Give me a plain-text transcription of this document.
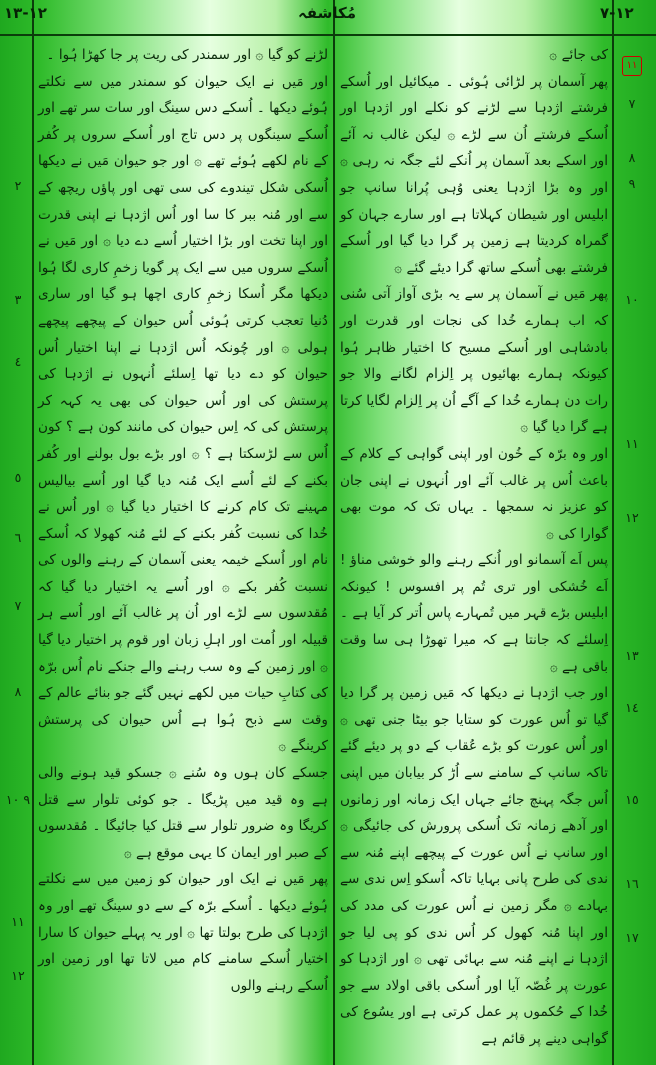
١٢-١٣	مُکاشفہ	١٢-٧
١١

کی جائے ۞

پھر آسمان پر لڑائی ہُوئی ۔ میکائیل اور اُسکے فرشتے اژدہا سے لڑنے کو نکلے اور اژدہا اور اُسکے فرشتے اُن سے لڑے ۞ لیکن غالب نہ آئے اور اسکے بعد آسمان پر اُنکے لئے جگہ نہ رہی ۞ اور وہ بڑا اژدہا یعنی وُہی پُرانا سانپ جو ابلیس اور شیطان کہلاتا ہے اور سارے جہان کو گمراہ کردیتا ہے زمین پر گرا دیا گیا اور اُسکے فرشتے بھی اُسکے ساتھ گرا دیئے گئے ۞

پھر مَیں نے آسمان پر سے یہ بڑی آواز آتی سُنی کہ اب ہمارے خُدا کی نجات اور قدرت اور بادشاہی اور اُسکے مسیح کا اختیار ظاہر ہُوا کیونکہ ہمارے بھائیوں پر اِلزام لگانے والا جو رات دن ہمارے خُدا کے آگے اُن پر اِلزام لگایا کرتا ہے گرا دیا گیا ۞

اور وہ برّہ کے خُون اور اپنی گواہی کے کلام کے باعث اُس پر غالب آئے اور اُنہوں نے اپنی جان کو عزیز نہ سمجھا ۔ یہاں تک کہ موت بھی گوارا کی ۞

پس اَے آسمانو اور اُنکے رہنے والو خوشی مناؤ ! اَے خُشکی اور تری تُم پر افسوس ! کیونکہ ابلیس بڑے قہر میں تُمہارے پاس اُتر کر آیا ہے ۔ اِسلئے کہ جانتا ہے کہ میرا تھوڑا ہی سا وقت باقی ہے ۞

اور جب اژدہا نے دیکھا کہ مَیں زمین پر گرا دیا گیا تو اُس عورت کو ستایا جو بیٹا جنی تھی ۞ اور اُس عورت کو بڑے عُقاب کے دو پر دیئے گئے تاکہ سانپ کے سامنے سے اُڑ کر بیابان میں اپنی اُس جگہ پہنچ جائے جہاں ایک زمانہ اور زمانوں اور آدھے زمانہ تک اُسکی پرورش کی جائیگی ۞ اور سانپ نے اُس عورت کے پیچھے اپنے مُنہ سے ندی کی طرح پانی بہایا تاکہ اُسکو اِس ندی سے بہادے ۞ مگر زمین نے اُس عورت کی مدد کی اور اپنا مُنہ کھول کر اُس ندی کو پی لیا جو اژدہا نے اپنے مُنہ سے بہائی تھی ۞ اور اژدہا کو عورت پر غُصّہ آیا اور اُسکی باقی اولاد سے جو خُدا کے حُکموں پر عمل کرتی ہے اور یسُوع کی گواہی دینے پر قائم ہے

لڑنے کو گیا ۞ اور سمندر کی ریت پر جا کھڑا ہُوا ۔

اور مَیں نے ایک حیوان کو سمندر میں سے نکلتے ہُوئے دیکھا ۔ اُسکے دس سینگ اور سات سر تھے اور اُسکے سینگوں پر دس تاج اور اُسکے سروں پر کُفر کے نام لکھے ہُوئے تھے ۞ اور جو حیوان مَیں نے دیکھا اُسکی شکل تیندوے کی سی تھی اور پاؤں ریچھ کے سے اور مُنہ ببر کا سا اور اُس اژدہا نے اپنی قدرت اور اپنا تخت اور بڑا اختیار اُسے دے دیا ۞ اور مَیں نے اُسکے سروں میں سے ایک پر گویا زخمِ کاری لگا ہُوا دیکھا مگر اُسکا زخمِ کاری اچھا ہو گیا اور ساری دُنیا تعجب کرتی ہُوئی اُس حیوان کے پیچھے پیچھے ہولی ۞ اور چُونکہ اُس اژدہا نے اپنا اختیار اُس حیوان کو دے دیا تھا اِسلئے اُنہوں نے اژدہا کی پرستش کی اور اُس حیوان کی بھی یہ کہہ کر پرستش کی کہ اِس حیوان کی مانند کون ہے ؟ کون اُس سے لڑسکتا ہے ؟ ۞ اور بڑے بول بولنے اور کُفر بکنے کے لئے اُسے ایک مُنہ دیا گیا اور اُسے بیالیس مہینے تک کام کرنے کا اختیار دیا گیا ۞ اور اُس نے خُدا کی نسبت کُفر بکنے کے لئے مُنہ کھولا کہ اُسکے نام اور اُسکے خیمہ یعنی آسمان کے رہنے والوں کی نسبت کُفر بکے ۞ اور اُسے یہ اختیار دیا گیا کہ مُقدسوں سے لڑے اور اُن پر غالب آئے اور اُسے ہر قبیلہ اور اُمت اور اہلِ زبان اور قوم پر اختیار دیا گیا ۞ اور زمین کے وہ سب رہنے والے جنکے نام اُس برّہ کی کتابِ حیات میں لکھے نہیں گئے جو بنائے عالم کے وقت سے ذبح ہُوا ہے اُس حیوان کی پرستش کرینگے ۞

جسکے کان ہوں وہ سُنے ۞ جسکو قید ہونے والی ہے وہ قید میں پڑیگا ۔ جو کوئی تلوار سے قتل کریگا وہ ضرور تلوار سے قتل کیا جائیگا ۔ مُقدسوں کے صبر اور ایمان کا یہی موقع ہے ۞

پھر مَیں نے ایک اور حیوان کو زمین میں سے نکلتے ہُوئے دیکھا ۔ اُسکے برّہ کے سے دو سینگ تھے اور وہ اژدہا کی طرح بولتا تھا ۞ اور یہ پہلے حیوان کا سارا اختیار اُسکے سامنے کام میں لاتا تھا اور زمین اور اُسکے رہنے والوں

٧
٨
٩
١٠
١١
١٢
١٣
١٤
١٥
١٦
١٧
٢
٣
٤
٥
٦
٧
٨
٩ ١٠
١١
١٢
